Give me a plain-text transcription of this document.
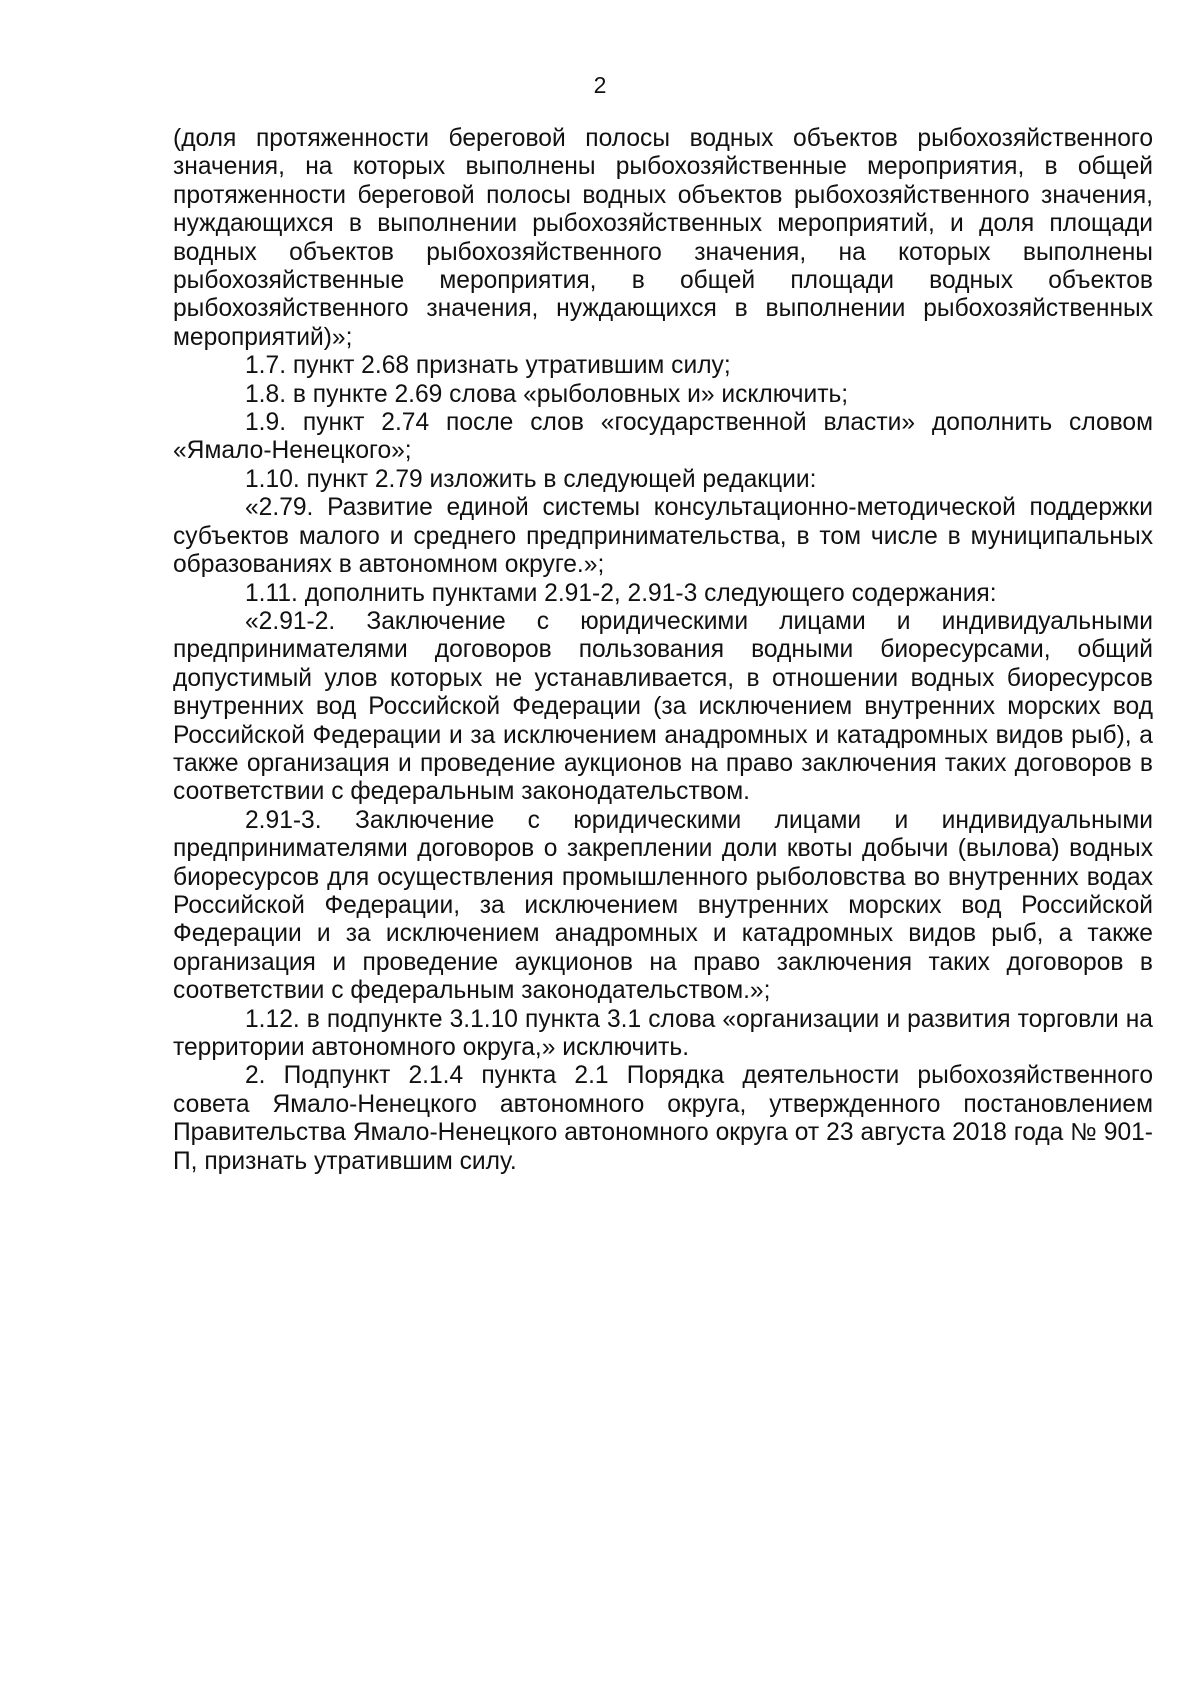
2

(доля протяженности береговой полосы водных объектов рыбохозяйственного значения, на которых выполнены рыбохозяйственные мероприятия, в общей протяженности береговой полосы водных объектов рыбохозяйственного значения, нуждающихся в выполнении рыбохозяйственных мероприятий, и доля площади водных объектов рыбохозяйственного значения, на которых выполнены рыбохозяйственные мероприятия, в общей площади водных объектов рыбохозяйственного значения, нуждающихся в выполнении рыбохозяйственных мероприятий)»;

1.7. пункт 2.68 признать утратившим силу;

1.8. в пункте 2.69 слова «рыболовных и» исключить;

1.9. пункт 2.74 после слов «государственной власти» дополнить словом «Ямало-Ненецкого»;

1.10. пункт 2.79 изложить в следующей редакции:

«2.79. Развитие единой системы консультационно-методической поддержки субъектов малого и среднего предпринимательства, в том числе в муниципальных образованиях в автономном округе.»;

1.11. дополнить пунктами 2.91-2, 2.91-3 следующего содержания:

«2.91-2. Заключение с юридическими лицами и индивидуальными предпринимателями договоров пользования водными биоресурсами, общий допустимый улов которых не устанавливается, в отношении водных биоресурсов внутренних вод Российской Федерации (за исключением внутренних морских вод Российской Федерации и за исключением анадромных и катадромных видов рыб), а также организация и проведение аукционов на право заключения таких договоров в соответствии с федеральным законодательством.

2.91-3. Заключение с юридическими лицами и индивидуальными предпринимателями договоров о закреплении доли квоты добычи (вылова) водных биоресурсов для осуществления промышленного рыболовства во внутренних водах Российской Федерации, за исключением внутренних морских вод Российской Федерации и за исключением анадромных и катадромных видов рыб, а также организация и проведение аукционов на право заключения таких договоров в соответствии с федеральным законодательством.»;

1.12. в подпункте 3.1.10 пункта 3.1 слова «организации и развития торговли на территории автономного округа,» исключить.

2. Подпункт 2.1.4 пункта 2.1 Порядка деятельности рыбохозяйственного совета Ямало-Ненецкого автономного округа, утвержденного постановлением Правительства Ямало-Ненецкого автономного округа от 23 августа 2018 года № 901-П, признать утратившим силу.
